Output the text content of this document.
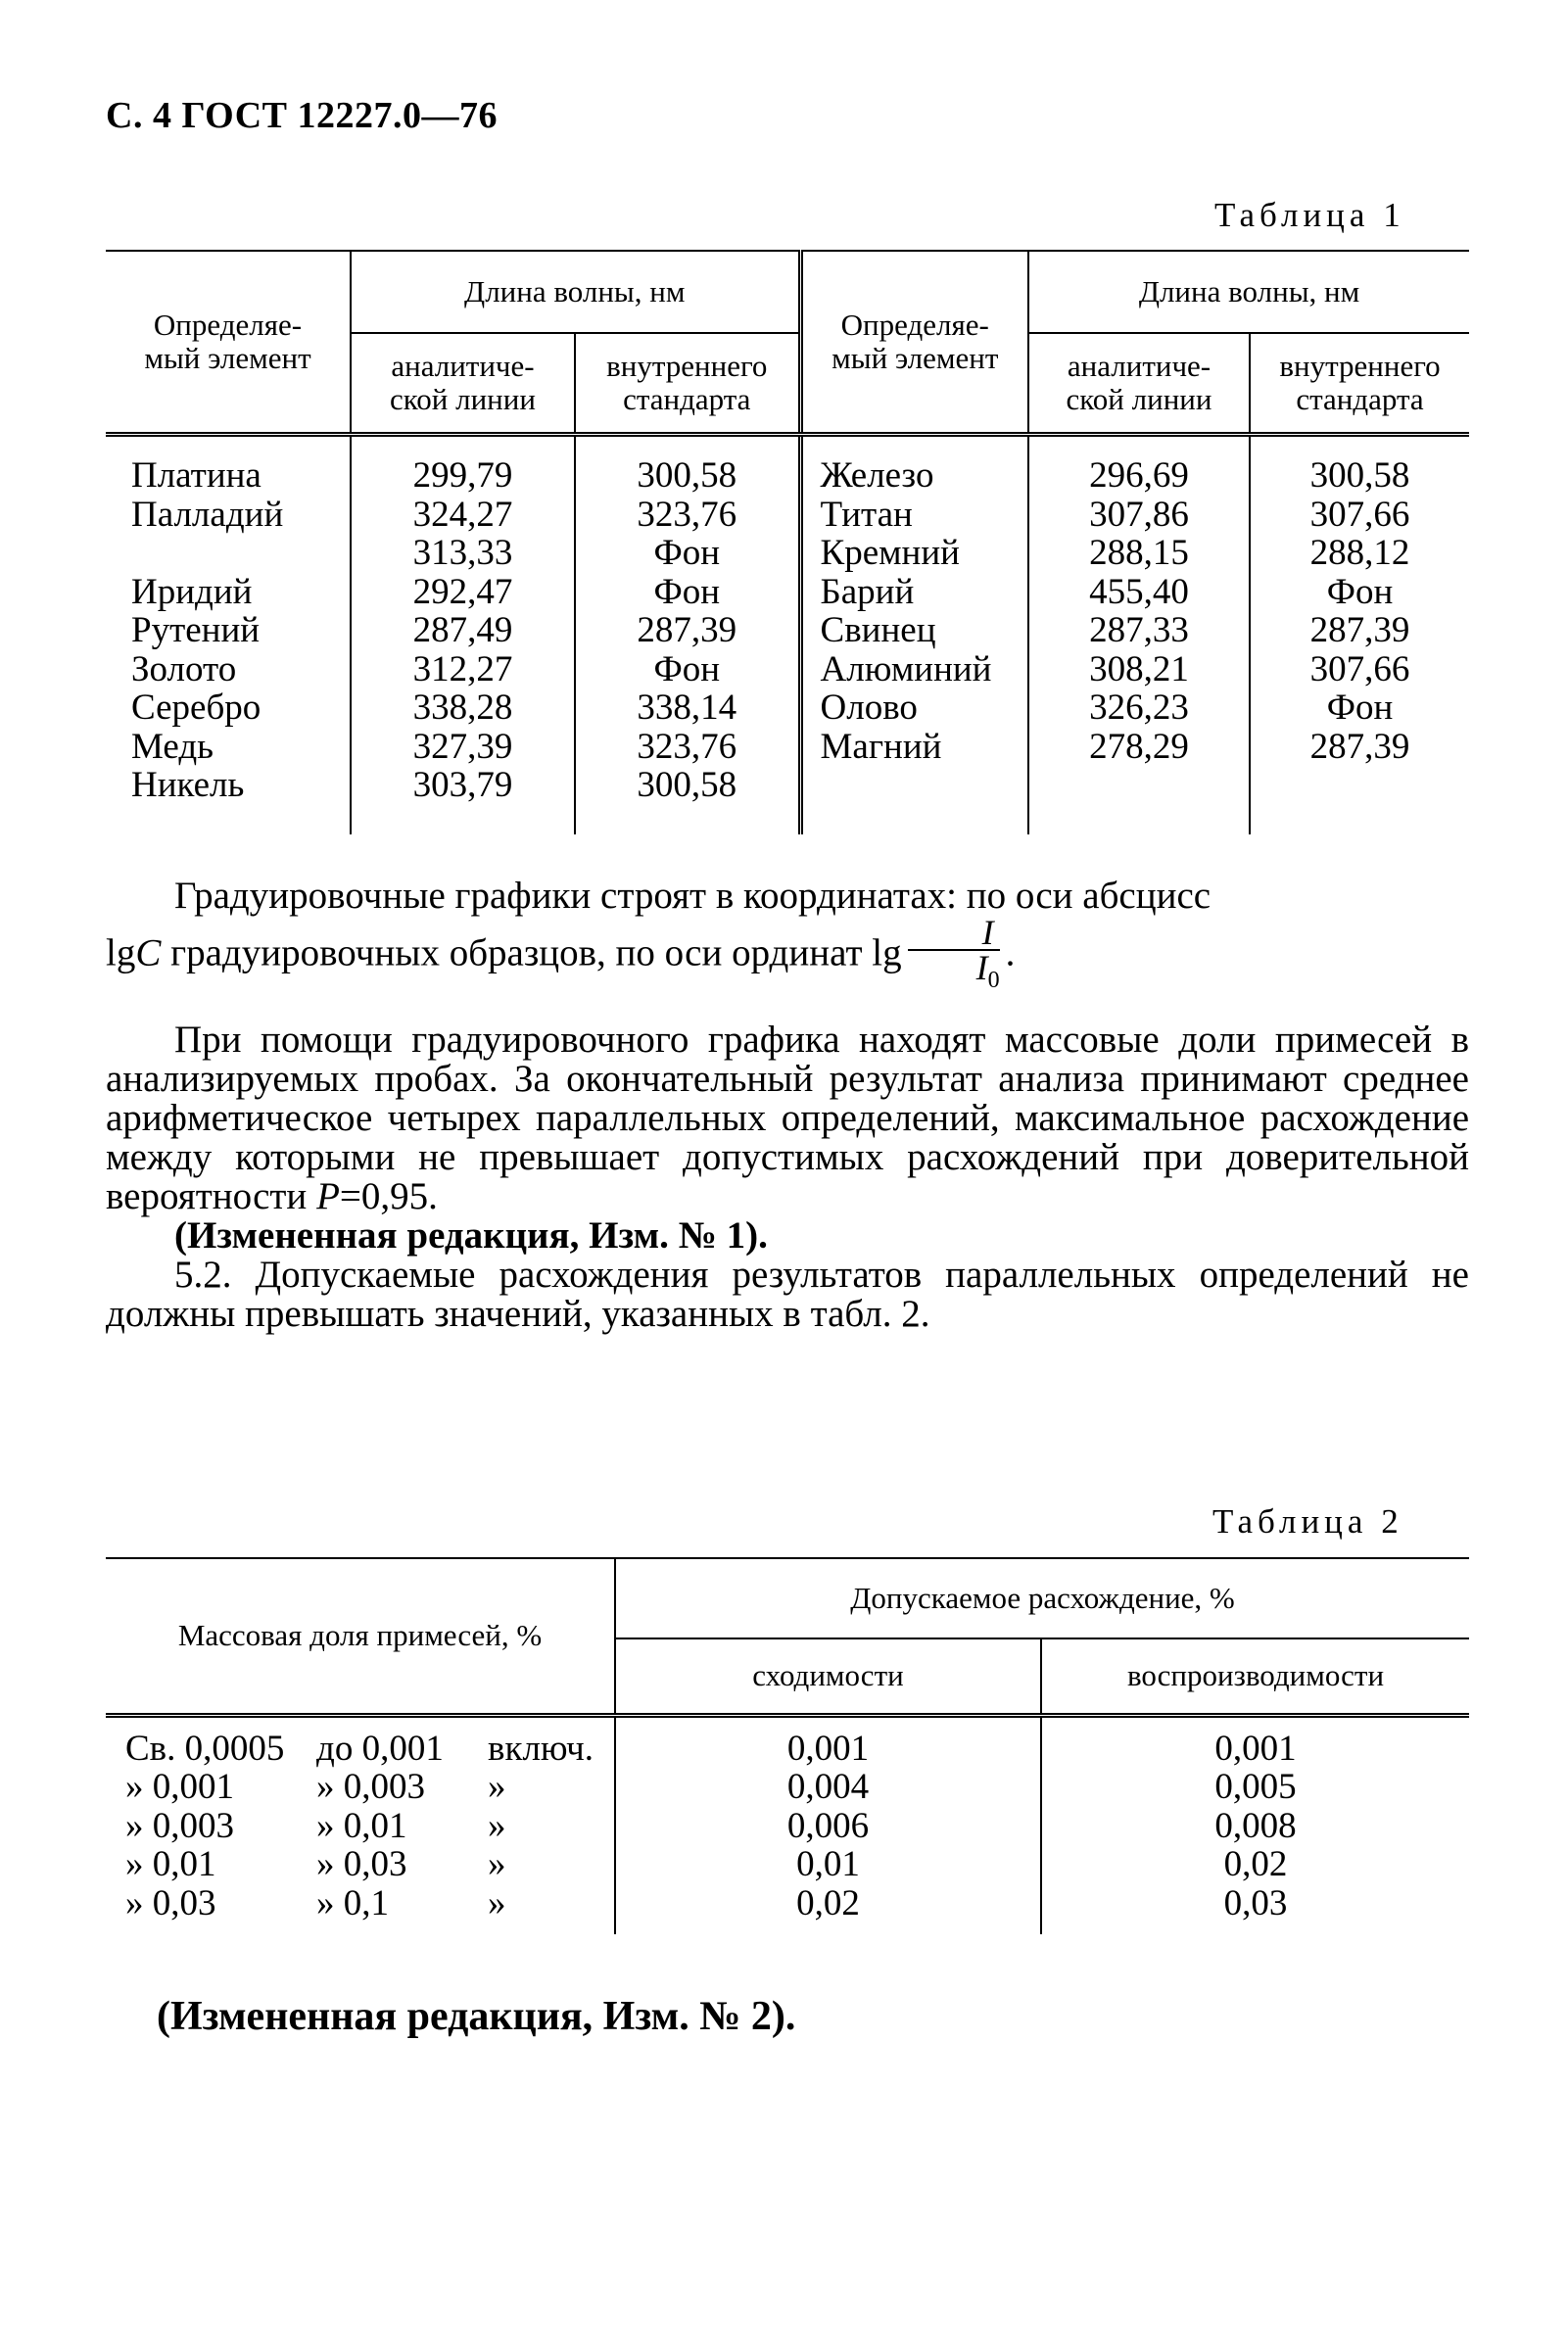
С. 4 ГОСТ 12227.0—76
Таблица 1
Определяе-
мый элемент	Длина волны, нм		Определяе-
мый элемент	Длина волны, нм	
	аналитиче-
ской линии	внутреннего
стандарта		аналитиче-
ской линии	внутреннего
стандарта
Платина	299,79	300,58	Железо	296,69	300,58
Палладий	324,27	323,76	Титан	307,86	307,66
	313,33	Фон	Кремний	288,15	288,12
Иридий	292,47	Фон	Барий	455,40	Фон
Рутений	287,49	287,39	Свинец	287,33	287,39
Золото	312,27	Фон	Алюминий	308,21	307,66
Серебро	338,28	338,14	Олово	326,23	Фон
Медь	327,39	323,76	Магний	278,29	287,39
Никель	303,79	300,58			

Градуировочные графики строят в координатах: по оси абсцисс
lgC градуировочных образцов, по оси ординат $\lg \frac{I}{I_0}$ .

При помощи градуировочного графика находят массовые доли примесей в анализируемых пробах. За окончательный результат анализа принимают среднее арифметическое четырех параллельных определений, максимальное расхождение между которыми не превышает допустимых расхождений при доверительной вероятности P=0,95.

(Измененная редакция, Изм. № 1).

5.2. Допускаемые расхождения результатов параллельных определений не должны превышать значений, указанных в табл. 2.

Таблица 2
Массовая доля примесей, %	Допускаемое расхождение, %	
	сходимости	воспроизводимости

Св. 0,0005 до 0,001 включ.	0,001	0,001

» 0,001 » 0,003 »	0,004	0,005

» 0,003 » 0,01 »	0,006	0,008

» 0,01 » 0,03 »	0,01	0,02

» 0,03 » 0,1 »	0,02	0,03
(Измененная редакция, Изм. № 2).
